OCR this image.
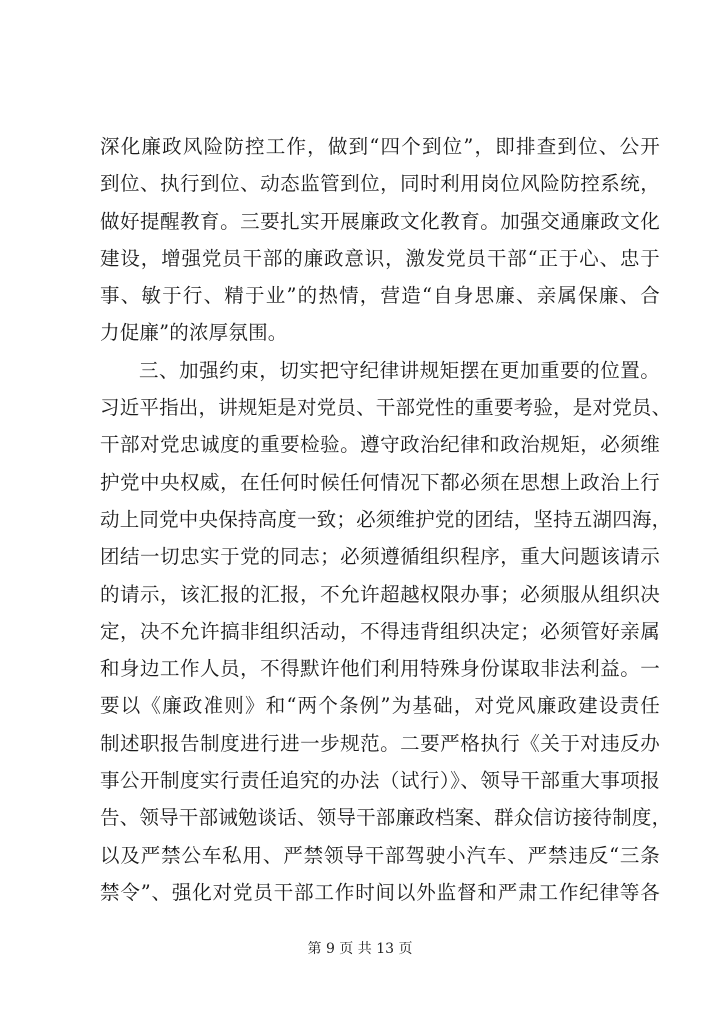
深化廉政风险防控工作，做到“四个到位”，即排查到位、公开
到位、执行到位、动态监管到位，同时利用岗位风险防控系统，
做好提醒教育。三要扎实开展廉政文化教育。加强交通廉政文化
建设，增强党员干部的廉政意识，激发党员干部“正于心、忠于
事、敏于行、精于业”的热情，营造“自身思廉、亲属保廉、合
力促廉”的浓厚氛围。
三、加强约束，切实把守纪律讲规矩摆在更加重要的位置。
习近平指出，讲规矩是对党员、干部党性的重要考验，是对党员、
干部对党忠诚度的重要检验。遵守政治纪律和政治规矩，必须维
护党中央权威，在任何时候任何情况下都必须在思想上政治上行
动上同党中央保持高度一致；必须维护党的团结，坚持五湖四海，
团结一切忠实于党的同志；必须遵循组织程序，重大问题该请示
的请示，该汇报的汇报，不允许超越权限办事；必须服从组织决
定，决不允许搞非组织活动，不得违背组织决定；必须管好亲属
和身边工作人员，不得默许他们利用特殊身份谋取非法利益。一
要以《廉政准则》和“两个条例”为基础，对党风廉政建设责任
制述职报告制度进行进一步规范。二要严格执行《关于对违反办
事公开制度实行责任追究的办法（试行）》、领导干部重大事项报
告、领导干部诫勉谈话、领导干部廉政档案、群众信访接待制度，
以及严禁公车私用、严禁领导干部驾驶小汽车、严禁违反“三条
禁令”、强化对党员干部工作时间以外监督和严肃工作纪律等各
第 9 页 共 13 页
